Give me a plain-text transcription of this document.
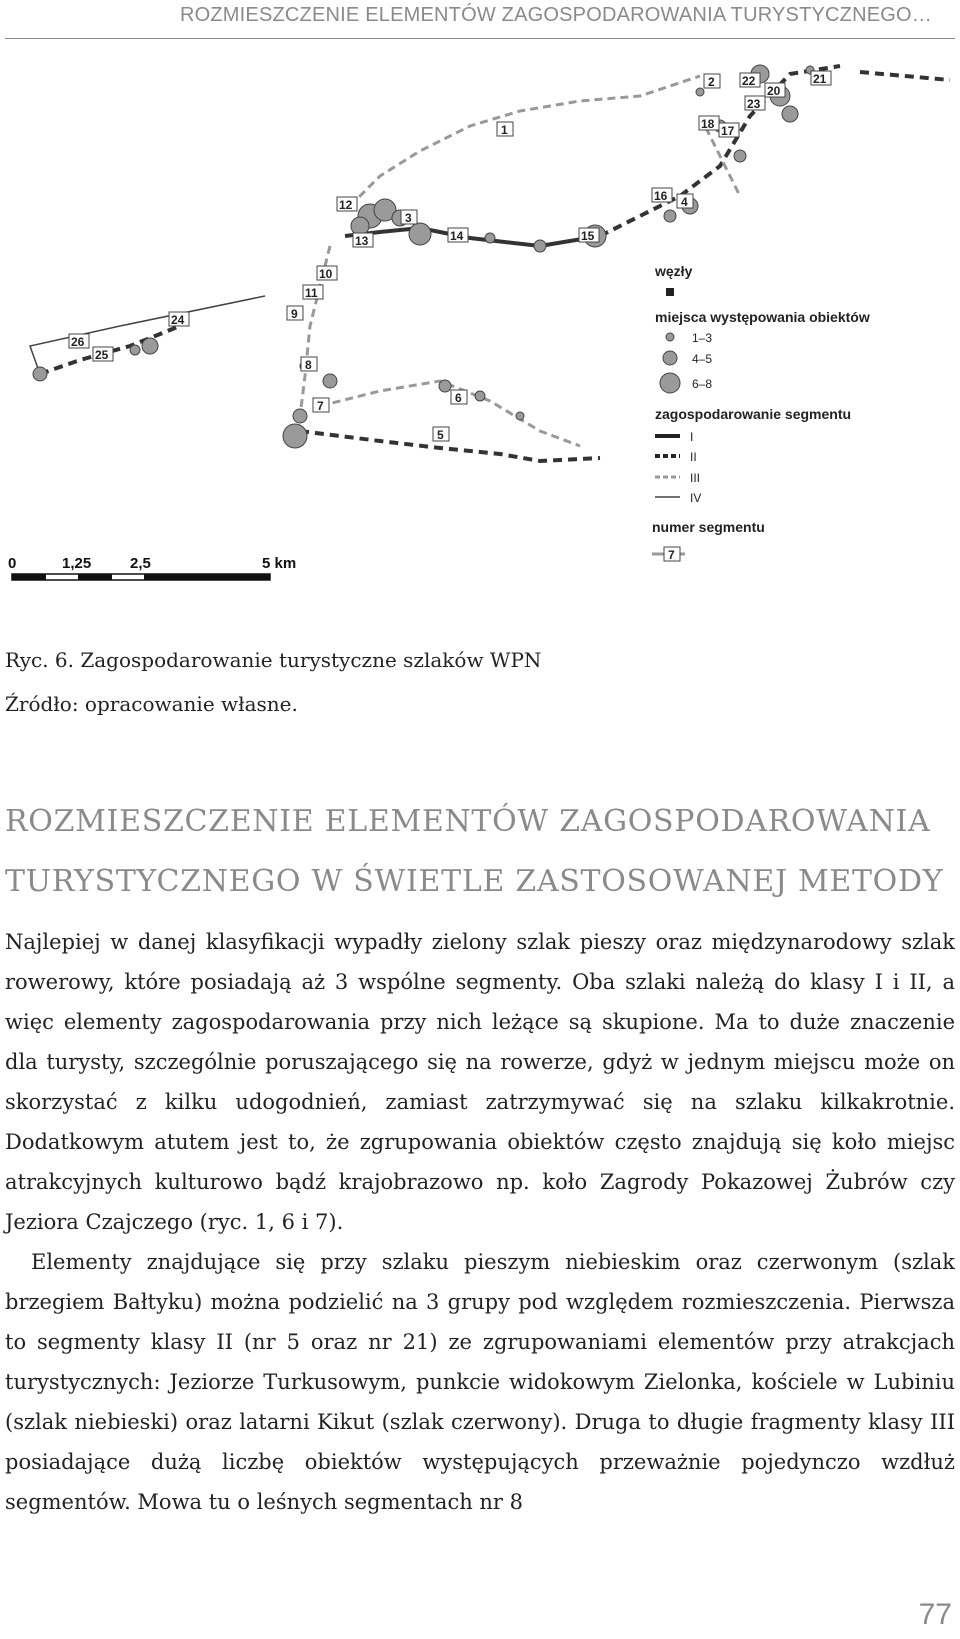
ROZMIESZCZENIE ELEMENTÓW ZAGOSPODAROWANIA TURYSTYCZNEGO…
1
2
3
4
5
6
7
8
9
10
11
12
13	14	15
16
17
18
20
21
22
23
24
25
26
węzły
miejsca występowania obiektów
1–3
4–5
6–8
zagospodarowanie segmentu
I
II
III
IV
numer segmentu
7
0	1,25	2,5	5 km
Ryc. 6. Zagospodarowanie turystyczne szlaków WPN
Źródło: opracowanie własne.
ROZMIESZCZENIE ELEMENTÓW ZAGOSPODAROWANIA TURYSTYCZNEGO W ŚWIETLE ZASTOSOWANEJ METODY

Najlepiej w danej klasyfikacji wypadły zielony szlak pieszy oraz międzynarodowy szlak rowerowy, które posiadają aż 3 wspólne segmenty. Oba szlaki należą do klasy I i II, a więc elementy zagospodarowania przy nich leżące są skupione. Ma to duże znaczenie dla turysty, szczególnie poruszającego się na rowerze, gdyż w jednym miejscu może on skorzystać z kilku udogodnień, zamiast zatrzymywać się na szlaku kilkakrotnie. Dodatkowym atutem jest to, że zgrupowania obiektów często znajdują się koło miejsc atrakcyjnych kulturowo bądź krajobrazowo np. koło Zagrody Pokazowej Żubrów czy Jeziora Czajczego (ryc. 1, 6 i 7).

Elementy znajdujące się przy szlaku pieszym niebieskim oraz czerwonym (szlak brzegiem Bałtyku) można podzielić na 3 grupy pod względem rozmieszczenia. Pierwsza to segmenty klasy II (nr 5 oraz nr 21) ze zgrupowaniami elementów przy atrakcjach turystycznych: Jeziorze Turkusowym, punkcie widokowym Zielonka, kościele w Lubiniu (szlak niebieski) oraz latarni Kikut (szlak czerwony). Druga to długie fragmenty klasy III posiadające dużą liczbę obiektów występujących przeważnie pojedynczo wzdłuż segmentów. Mowa tu o leśnych segmentach nr 8

77
